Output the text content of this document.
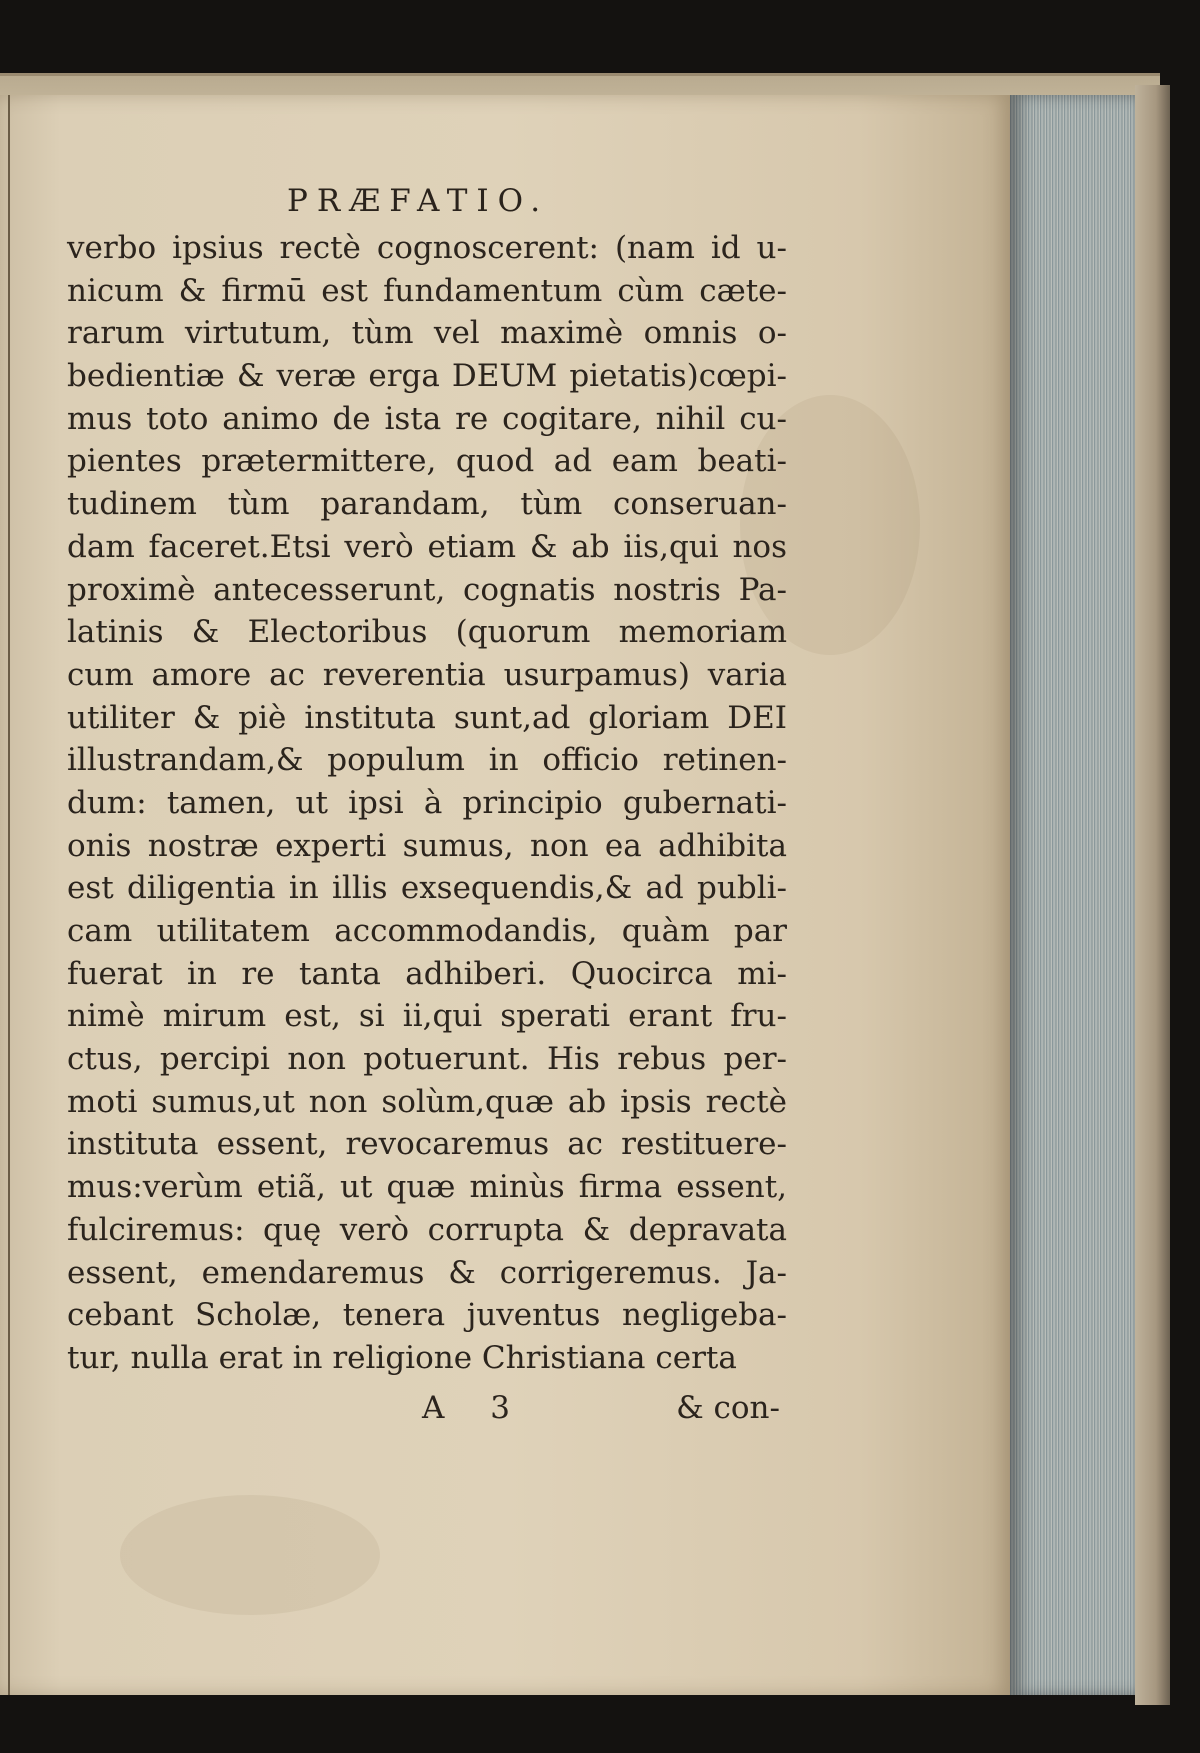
PRÆFATIO.
verbo ipsius rectè cognoscerent: (nam id u-
nicum & firmū est fundamentum cùm cæte-
rarum virtutum, tùm vel maximè omnis o-
bedientiæ & veræ erga DEUM pietatis)cœpi-
mus toto animo de ista re cogitare, nihil cu-
pientes prætermittere, quod ad eam beati-
tudinem tùm parandam, tùm conseruan-
dam faceret.Etsi verò etiam & ab iis,qui nos
proximè antecesserunt, cognatis nostris Pa-
latinis & Electoribus (quorum memoriam
cum amore ac reverentia usurpamus) varia
utiliter & piè instituta sunt,ad gloriam DEI
illustrandam,& populum in officio retinen-
dum: tamen, ut ipsi à principio gubernati-
onis nostræ experti sumus, non ea adhibita
est diligentia in illis exsequendis,& ad publi-
cam utilitatem accommodandis, quàm par
fuerat in re tanta adhiberi. Quocirca mi-
nimè mirum est, si ii,qui sperati erant fru-
ctus, percipi non potuerunt. His rebus per-
moti sumus,ut non solùm,quæ ab ipsis rectè
instituta essent, revocaremus ac restituere-
mus:verùm etiã, ut quæ minùs firma essent,
fulciremus: quę verò corrupta & depravata
essent, emendaremus & corrigeremus. Ja-
cebant Scholæ, tenera juventus negligeba-
tur, nulla erat in religione Christiana certa
A 3	& con-
